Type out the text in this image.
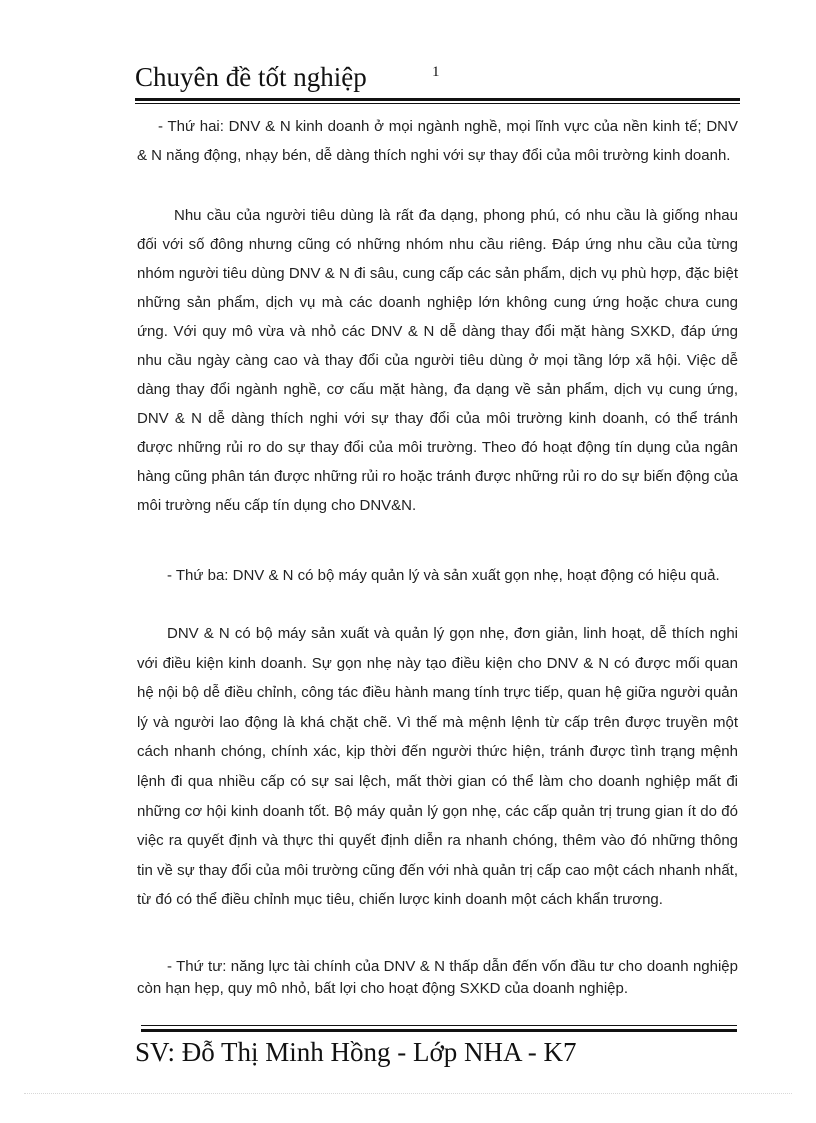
Chuyên đề tốt nghiệp	1

- Thứ hai: DNV & N kinh doanh ở mọi ngành nghề, mọi lĩnh vực của nền kinh tế; DNV & N năng động, nhạy bén, dễ dàng thích nghi với sự thay đổi của môi trường kinh doanh.

Nhu cầu của người tiêu dùng là rất đa dạng, phong phú, có nhu cầu là giống nhau đối với số đông nhưng cũng có những nhóm nhu cầu riêng. Đáp ứng nhu cầu của từng nhóm người tiêu dùng DNV & N đi sâu, cung cấp các sản phẩm, dịch vụ phù hợp, đặc biệt những sản phẩm, dịch vụ mà các doanh nghiệp lớn không cung ứng hoặc chưa cung ứng. Với quy mô vừa và nhỏ các DNV & N dễ dàng thay đổi mặt hàng SXKD, đáp ứng nhu cầu ngày càng cao và thay đổi của người tiêu dùng ở mọi tầng lớp xã hội. Việc dễ dàng thay đổi ngành nghề, cơ cấu mặt hàng, đa dạng về sản phẩm, dịch vụ cung ứng, DNV & N dễ dàng thích nghi với sự thay đổi của môi trường kinh doanh, có thể tránh được những rủi ro do sự thay đổi của môi trường. Theo đó hoạt động tín dụng của ngân hàng cũng phân tán được những rủi ro hoặc tránh được những rủi ro do sự biến động của môi trường nếu cấp tín dụng cho DNV&N.

- Thứ ba: DNV & N có bộ máy quản lý và sản xuất gọn nhẹ, hoạt động có hiệu quả.

DNV & N có bộ máy sản xuất và quản lý gọn nhẹ, đơn giản, linh hoạt, dễ thích nghi với điều kiện kinh doanh. Sự gọn nhẹ này tạo điều kiện cho DNV & N có được mối quan hệ nội bộ dễ điều chỉnh, công tác điều hành mang tính trực tiếp, quan hệ giữa người quản lý và người lao động là khá chặt chẽ. Vì thế mà mệnh lệnh từ cấp trên được truyền một cách nhanh chóng, chính xác, kịp thời đến người thức hiện, tránh được tình trạng mệnh lệnh đi qua nhiều cấp có sự sai lệch, mất thời gian có thể làm cho doanh nghiệp mất đi những cơ hội kinh doanh tốt. Bộ máy quản lý gọn nhẹ, các cấp quản trị trung gian ít do đó việc ra quyết định và thực thi quyết định diễn ra nhanh chóng, thêm vào đó những thông tin về sự thay đổi của môi trường cũng đến với nhà quản trị cấp cao một cách nhanh nhất, từ đó có thể điều chỉnh mục tiêu, chiến lược kinh doanh một cách khẩn trương.

- Thứ tư: năng lực tài chính của DNV & N thấp dẫn đến vốn đầu tư cho doanh nghiệp còn hạn hẹp, quy mô nhỏ, bất lợi cho hoạt động SXKD của doanh nghiệp.

SV: Đỗ Thị Minh Hồng - Lớp NHA - K7
